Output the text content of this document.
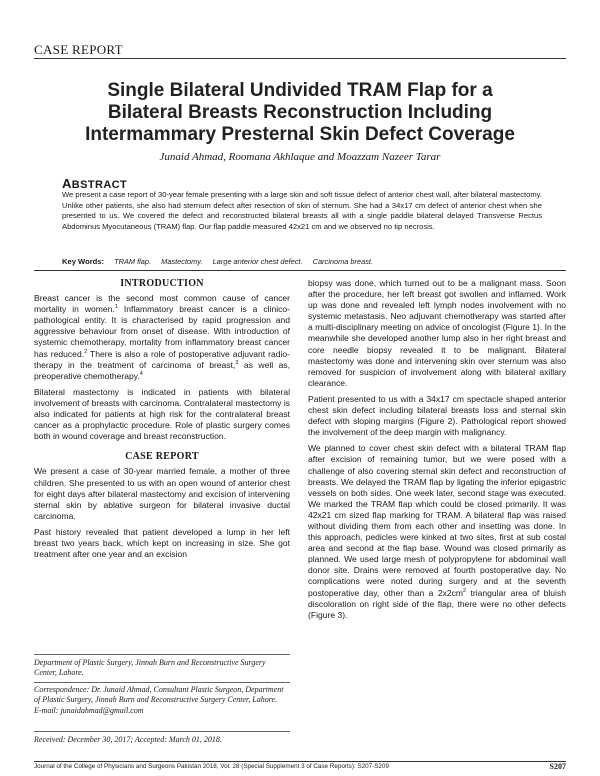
CASE REPORT
Single Bilateral Undivided TRAM Flap for a
Bilateral Breasts Reconstruction Including
Intermammary Presternal Skin Defect Coverage
Junaid Ahmad, Roomana Akhlaque and Moazzam Nazeer Tarar
ABSTRACT
We present a case report of 30-year female presenting with a large skin and soft tissue defect of anterior chest wall, after bilateral mastectomy. Unlike other patients, she also had sternum defect after resection of skin of sternum. She had a 34x17 cm defect of anterior chest when she presented to us. We covered the defect and reconstructed bilateral breasts all with a single paddle bilateral delayed Transverse Rectus Abdominus Myocutaneous (TRAM) flap. Our flap paddle measured 42x21 cm and we observed no tip necrosis.
Key Words: TRAM flap. Mastectomy. Large anterior chest defect. Carcinoma breast.
INTRODUCTION

Breast cancer is the second most common cause of cancer mortality in women.$^1$ Inflammatory breast cancer is a clinico-pathological entity. It is characterised by rapid progression and aggressive behaviour from onset of disease. With introduction of systemic chemotherapy, mortality from inflammatory breast cancer has reduced.$^2$ There is also a role of postoperative adjuvant radio-therapy in the treatment of carcinoma of breast,$^3$ as well as, preoperative chemotherapy.$^4$

Bilateral mastectomy is indicated in patients with bilateral involvement of breasts with carcinoma. Contralateral mastectomy is also indicated for patients at high risk for the contralateral breast cancer as a prophylactic procedure. Role of plastic surgery comes both in wound coverage and breast reconstruction.

CASE REPORT

We present a case of 30-year married female, a mother of three children. She presented to us with an open wound of anterior chest for eight days after bilateral mastectomy and excision of intervening sternal skin by ablative surgeon for bilateral invasive ductal carcinoma.

Past history revealed that patient developed a lump in her left breast two years back, which kept on increasing in size. She got treatment after one year and an excision

Department of Plastic Surgery, Jinnah Burn and Reconstructive Surgery Center, Lahore.
Correspondence: Dr. Junaid Ahmad, Consultant Plastic Surgeon, Department of Plastic Surgery, Jinnah Burn and Reconstructive Surgery Center, Lahore.
E-mail: junaidahmad@gmail.com
Received: December 30, 2017; Accepted: March 01, 2018.

biopsy was done, which turned out to be a malignant mass. Soon after the procedure, her left breast got swollen and inflamed. Work up was done and revealed left lymph nodes involvement with no systemic metastasis. Neo adjuvant chemotherapy was started after a multi-disciplinary meeting on advice of oncologist (Figure 1). In the meanwhile she developed another lump also in her right breast and core needle biopsy revealed it to be malignant. Bilateral mastectomy was done and intervening skin over sternum was also removed for suspicion of involvement along with bilateral axillary clearance.

Patient presented to us with a 34x17 cm spectacle shaped anterior chest skin defect including bilateral breasts loss and sternal skin defect with sloping margins (Figure 2). Pathological report showed the involvement of the deep margin with malignancy.

We planned to cover chest skin defect with a bilateral TRAM flap after excision of remaining tumor, but we were posed with a challenge of also covering sternal skin defect and reconstruction of breasts. We delayed the TRAM flap by ligating the inferior epigastric vessels on both sides. One week later, second stage was executed. We marked the TRAM flap which could be closed primarily. It was 42x21 cm sized flap marking for TRAM. A bilateral flap was raised without dividing them from each other and insetting was done. In this approach, pedicles were kinked at two sites, first at sub costal area and second at the flap base. Wound was closed primarily as planned. We used large mesh of polypropylene for abdominal wall donor site. Drains were removed at fourth postoperative day. No complications were noted during surgery and at the seventh postoperative day, other than a $2x2cm^2$ triangular area of bluish discoloration on right side of the flap, there were no other defects (Figure 3).

Journal of the College of Physicians and Surgeons Pakistan 2018, Vol. 28 (Special Supplement 3 of Case Reports): S207-S209	S207
